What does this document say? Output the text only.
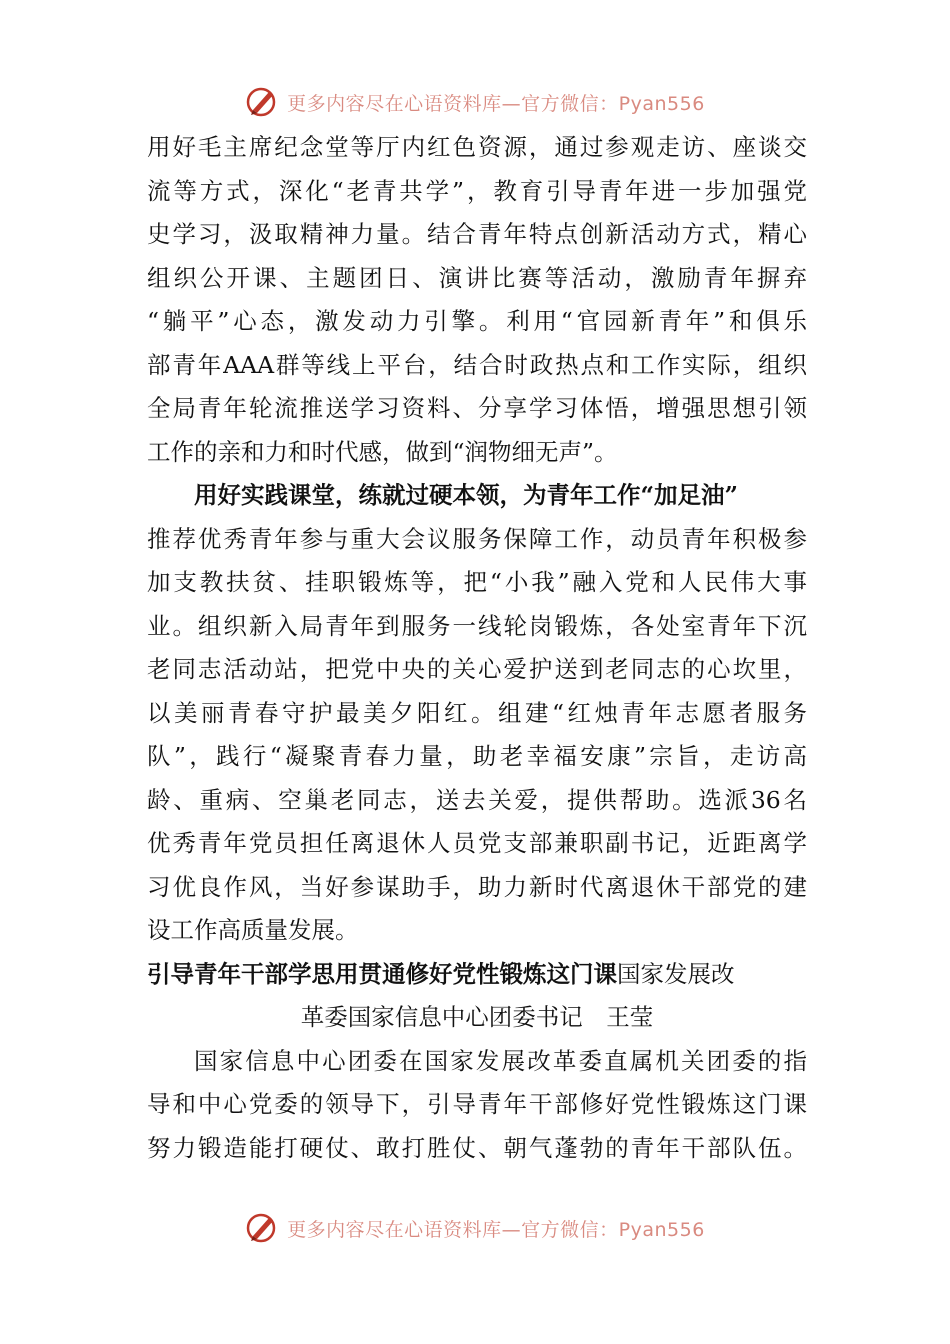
更多内容尽在心语资料库—官方微信：Pyan556
用好毛主席纪念堂等厅内红色资源，通过参观走访、座谈交
流等方式，深化“老青共学”，教育引导青年进一步加强党
史学习，汲取精神力量。结合青年特点创新活动方式，精心
组织公开课、主题团日、演讲比赛等活动，激励青年摒弃
“躺平”心态，激发动力引擎。利用“官园新青年”和俱乐
部青年AAA群等线上平台，结合时政热点和工作实际，组织
全局青年轮流推送学习资料、分享学习体悟，增强思想引领
工作的亲和力和时代感，做到“润物细无声”。
用好实践课堂，练就过硬本领，为青年工作“加足油”
推荐优秀青年参与重大会议服务保障工作，动员青年积极参
加支教扶贫、挂职锻炼等，把“小我”融入党和人民伟大事
业。组织新入局青年到服务一线轮岗锻炼，各处室青年下沉
老同志活动站，把党中央的关心爱护送到老同志的心坎里，
以美丽青春守护最美夕阳红。组建“红烛青年志愿者服务
队”，践行“凝聚青春力量，助老幸福安康”宗旨，走访高
龄、重病、空巢老同志，送去关爱，提供帮助。选派36名
优秀青年党员担任离退休人员党支部兼职副书记，近距离学
习优良作风，当好参谋助手，助力新时代离退休干部党的建
设工作高质量发展。
引导青年干部学思用贯通修好党性锻炼这门课国家发展改
革委国家信息中心团委书记　王莹
国家信息中心团委在国家发展改革委直属机关团委的指
导和中心党委的领导下，引导青年干部修好党性锻炼这门课
努力锻造能打硬仗、敢打胜仗、朝气蓬勃的青年干部队伍。
更多内容尽在心语资料库—官方微信：Pyan556
